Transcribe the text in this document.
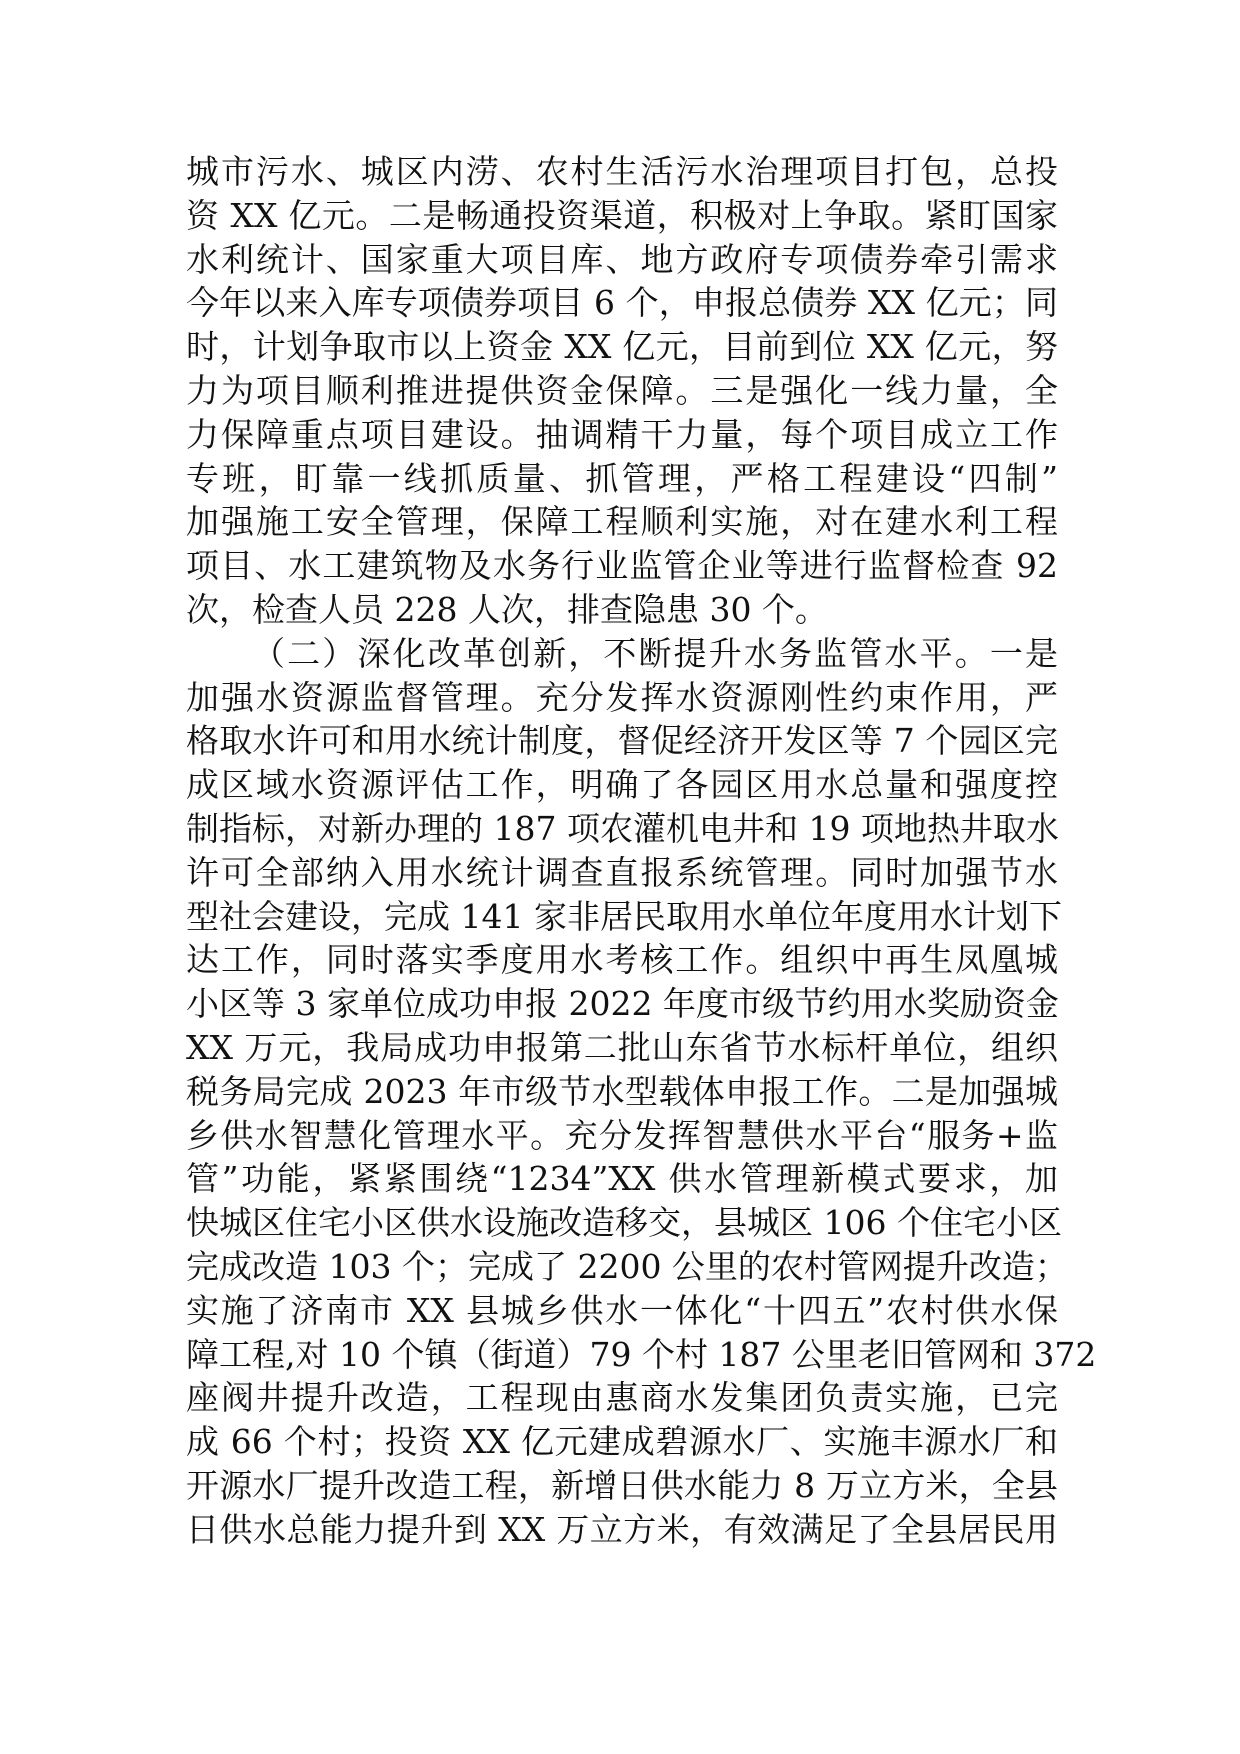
城市污水、城区内涝、农村生活污水治理项目打包，总投
资 XX 亿元。二是畅通投资渠道，积极对上争取。紧盯国家
水利统计、国家重大项目库、地方政府专项债券牵引需求
今年以来入库专项债券项目 6 个，申报总债券 XX 亿元；同
时，计划争取市以上资金 XX 亿元，目前到位 XX 亿元，努
力为项目顺利推进提供资金保障。三是强化一线力量，全
力保障重点项目建设。抽调精干力量，每个项目成立工作
专班，盯靠一线抓质量、抓管理，严格工程建设“四制”
加强施工安全管理，保障工程顺利实施，对在建水利工程
项目、水工建筑物及水务行业监管企业等进行监督检查 92
次，检查人员 228 人次，排查隐患 30 个。
（二）深化改革创新，不断提升水务监管水平。一是
加强水资源监督管理。充分发挥水资源刚性约束作用，严
格取水许可和用水统计制度，督促经济开发区等 7 个园区完
成区域水资源评估工作，明确了各园区用水总量和强度控
制指标，对新办理的 187 项农灌机电井和 19 项地热井取水
许可全部纳入用水统计调查直报系统管理。同时加强节水
型社会建设，完成 141 家非居民取用水单位年度用水计划下
达工作，同时落实季度用水考核工作。组织中再生凤凰城
小区等 3 家单位成功申报 2022 年度市级节约用水奖励资金
XX 万元，我局成功申报第二批山东省节水标杆单位，组织
税务局完成 2023 年市级节水型载体申报工作。二是加强城
乡供水智慧化管理水平。充分发挥智慧供水平台“服务+监
管”功能，紧紧围绕“1234”XX 供水管理新模式要求，加
快城区住宅小区供水设施改造移交，县城区 106 个住宅小区
完成改造 103 个；完成了 2200 公里的农村管网提升改造；
实施了济南市 XX 县城乡供水一体化“十四五”农村供水保
障工程,对 10 个镇（街道）79 个村 187 公里老旧管网和 372
座阀井提升改造，工程现由惠商水发集团负责实施，已完
成 66 个村；投资 XX 亿元建成碧源水厂、实施丰源水厂和
开源水厂提升改造工程，新增日供水能力 8 万立方米，全县
日供水总能力提升到 XX 万立方米，有效满足了全县居民用
